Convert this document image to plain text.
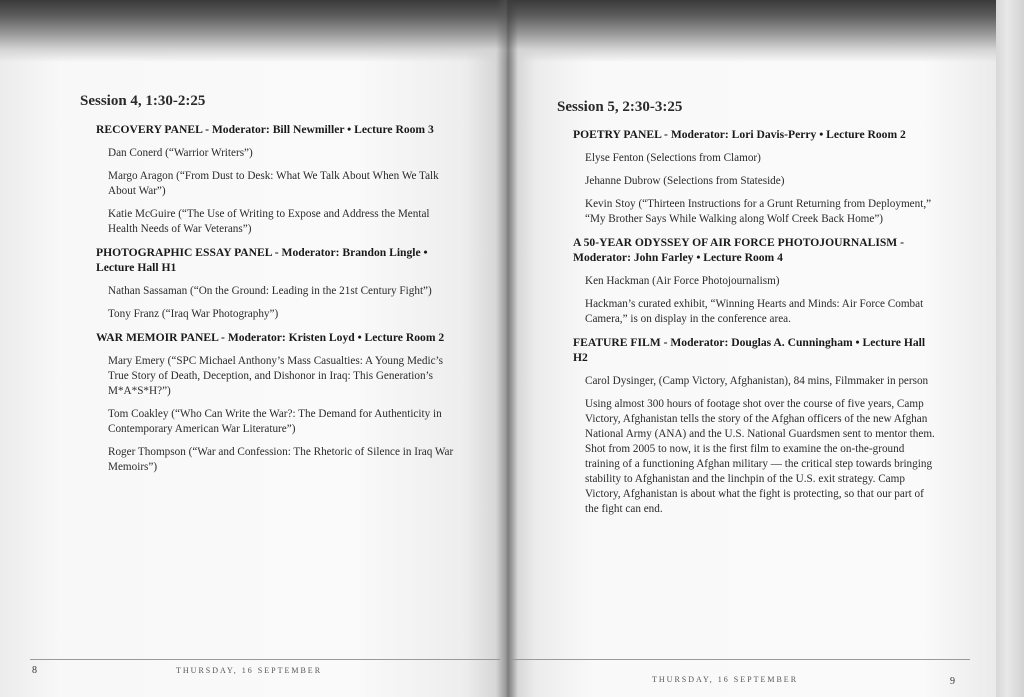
Session 4, 1:30-2:25

RECOVERY PANEL - Moderator: Bill Newmiller • Lecture Room 3

Dan Conerd (“Warrior Writers”)

Margo Aragon (“From Dust to Desk: What We Talk About When We Talk About War”)

Katie McGuire (“The Use of Writing to Expose and Address the Mental Health Needs of War Veterans”)

PHOTOGRAPHIC ESSAY PANEL - Moderator: Brandon Lingle • Lecture Hall H1

Nathan Sassaman (“On the Ground: Leading in the 21st Century Fight”)

Tony Franz (“Iraq War Photography”)

WAR MEMOIR PANEL - Moderator: Kristen Loyd • Lecture Room 2

Mary Emery (“SPC Michael Anthony’s Mass Casualties: A Young Medic’s True Story of Death, Deception, and Dishonor in Iraq: This Generation’s M*A*S*H?”)

Tom Coakley (“Who Can Write the War?: The Demand for Authenticity in Contemporary American War Literature”)

Roger Thompson (“War and Confession: The Rhetoric of Silence in Iraq War Memoirs”)

8	THURSDAY, 16 SEPTEMBER
Session 5, 2:30-3:25

POETRY PANEL - Moderator: Lori Davis-Perry • Lecture Room 2

Elyse Fenton (Selections from Clamor)

Jehanne Dubrow (Selections from Stateside)

Kevin Stoy (“Thirteen Instructions for a Grunt Returning from Deployment,” “My Brother Says While Walking along Wolf Creek Back Home”)

A 50-YEAR ODYSSEY OF AIR FORCE PHOTOJOURNALISM - Moderator: John Farley • Lecture Room 4

Ken Hackman (Air Force Photojournalism)

Hackman’s curated exhibit, “Winning Hearts and Minds: Air Force Combat Camera,” is on display in the conference area.

FEATURE FILM - Moderator: Douglas A. Cunningham • Lecture Hall H2

Carol Dysinger, (Camp Victory, Afghanistan), 84 mins, Filmmaker in person

Using almost 300 hours of footage shot over the course of five years, Camp Victory, Afghanistan tells the story of the Afghan officers of the new Afghan National Army (ANA) and the U.S. National Guardsmen sent to mentor them. Shot from 2005 to now, it is the first film to examine the on-the-ground training of a functioning Afghan military — the critical step towards bringing stability to Afghanistan and the linchpin of the U.S. exit strategy. Camp Victory, Afghanistan is about what the fight is protecting, so that our part of the fight can end.

THURSDAY, 16 SEPTEMBER	9
